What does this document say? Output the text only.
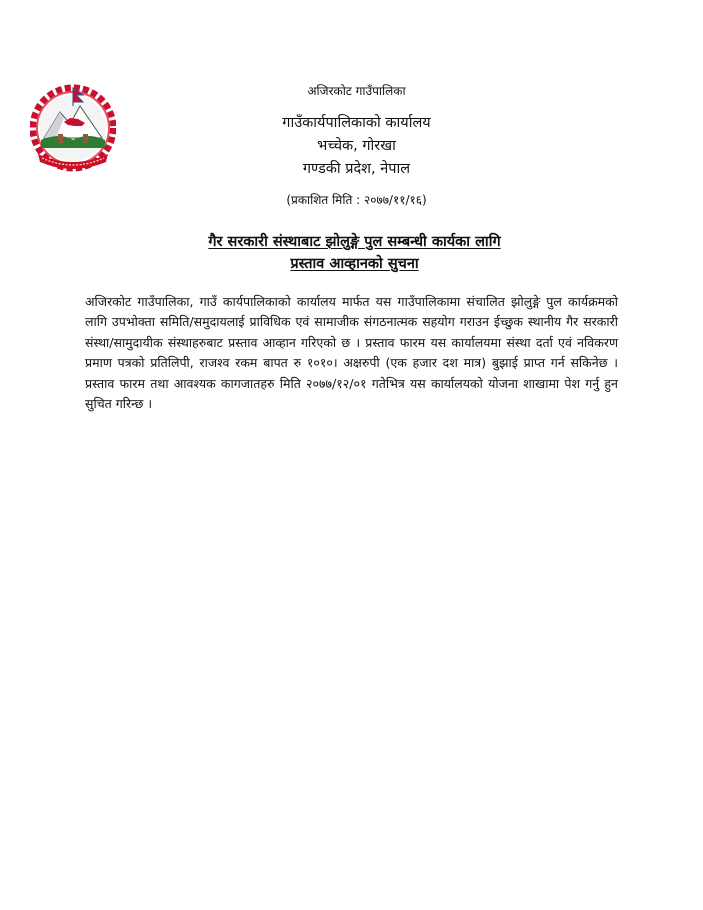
अजिरकोट गाउँपालिका
गाउँकार्यपालिकाको कार्यालय
भच्चेक, गोरखा
गण्डकी प्रदेश, नेपाल
(प्रकाशित मिति : २०७७/११/१६)
गैर सरकारी संस्थाबाट झोलुङ्गे पुल सम्बन्धी कार्यका लागि
प्रस्ताव आव्हानको सुचना

अजिरकोट गाउँपालिका, गाउँ कार्यपालिकाको कार्यालय मार्फत यस गाउँपालिकामा संचालित झोलुङ्गे पुल कार्यक्रमको लागि उपभोक्ता समिति/समुदायलाई प्राविधिक एवं सामाजीक संगठनात्मक सहयोग गराउन ईच्छुक स्थानीय गैर सरकारी संस्था/सामुदायीक संस्थाहरुबाट प्रस्ताव आव्हान गरिएको छ । प्रस्ताव फारम यस कार्यालयमा संस्था दर्ता एवं नविकरण प्रमाण पत्रको प्रतिलिपी, राजश्व रकम बापत रु १०१०। अक्षरुपी (एक हजार दश मात्र) बुझाई प्राप्त गर्न सकिनेछ । प्रस्ताव फारम तथा आवश्यक कागजातहरु मिति २०७७/१२/०१ गतेभित्र यस कार्यालयको योजना शाखामा पेश गर्नु हुन सुचित गरिन्छ ।
